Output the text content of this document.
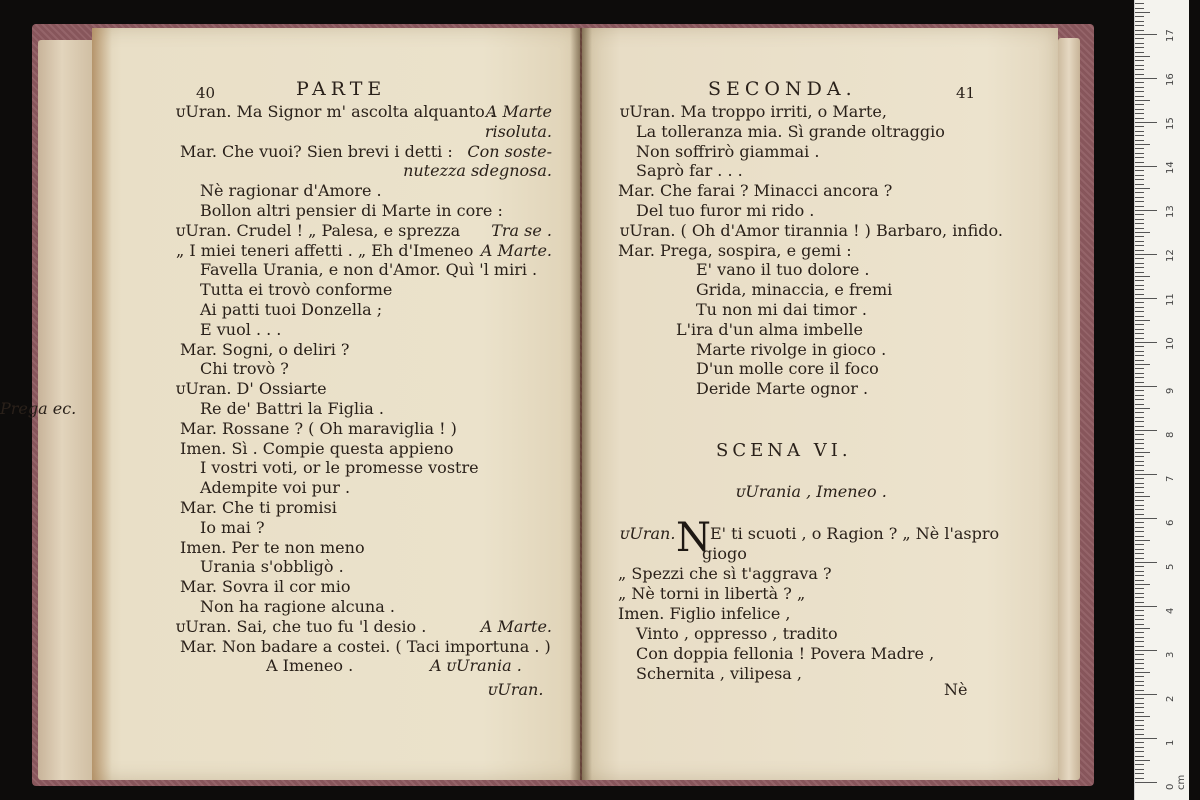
40	PARTE	SECONDA.	41
SCENA VI.
ᴜUrania , Imeneo .
N
ᴜUran.	Nè
17
16
15
14
13
12
11
10
9
8
7
6
5
4
3
2
1
0 cm
ᴜUran. Ma Signor m' ascolta alquanto .
A Marte
risoluta.
Mar. Che vuoi? Sien brevi i detti : Con soste-
nutezza sdegnosa.
Nè ragionar d'Amore .
Bollon altri pensier di Marte in core :
ᴜUran. Crudel ! „ Palesa, e sprezza Tra se .
„ I miei teneri affetti . „ Eh d'Imeneo A Marte.
Favella Urania, e non d'Amor. Quì 'l miri .
Tutta ei trovò conforme
Ai patti tuoi Donzella ;
E vuol . . .
Mar. Sogni, o deliri ?
Chi trovò ?
ᴜUran. D' Ossiarte
Re de' Battri la Figlia .
Mar. Rossane ? ( Oh maraviglia ! )
Imen. Sì . Compie questa appieno
I vostri voti, or le promesse vostre
Adempite voi pur .
Mar. Che ti promisi
Io mai ?
Imen. Per te non meno
Urania s'obbligò .
Mar. Sovra il cor mio
Non ha ragione alcuna .
ᴜUran. Sai, che tuo fu 'l desio .	A Marte.
Mar. Non badare a costei. ( Taci importuna . )
A Imeneo .	A ᴜUrania .
ᴜUran. Ma troppo irriti, o Marte,
La tolleranza mia. Sì grande oltraggio
Non soffrirò giammai .
Saprò far . . .
Mar. Che farai ? Minacci ancora ?
Del tuo furor mi rido .
ᴜUran. ( Oh d'Amor tirannia ! ) Barbaro, infido.
Mar. Prega, sospira, e gemi :
E' vano il tuo dolore .
Grida, minaccia, e fremi
Tu non mi dai timor .
L'ira d'un alma imbelle
Marte rivolge in gioco .
D'un molle core il foco
Deride Marte ognor .
Prega ec.
ᴜUran. E' ti scuoti , o Ragion ? „ Nè l'aspro
giogo
„ Spezzi che sì t'aggrava ?
„ Nè torni in libertà ? „
Imen. Figlio infelice ,
Vinto , oppresso , tradito
Con doppia fellonia ! Povera Madre ,
Schernita , vilipesa ,
